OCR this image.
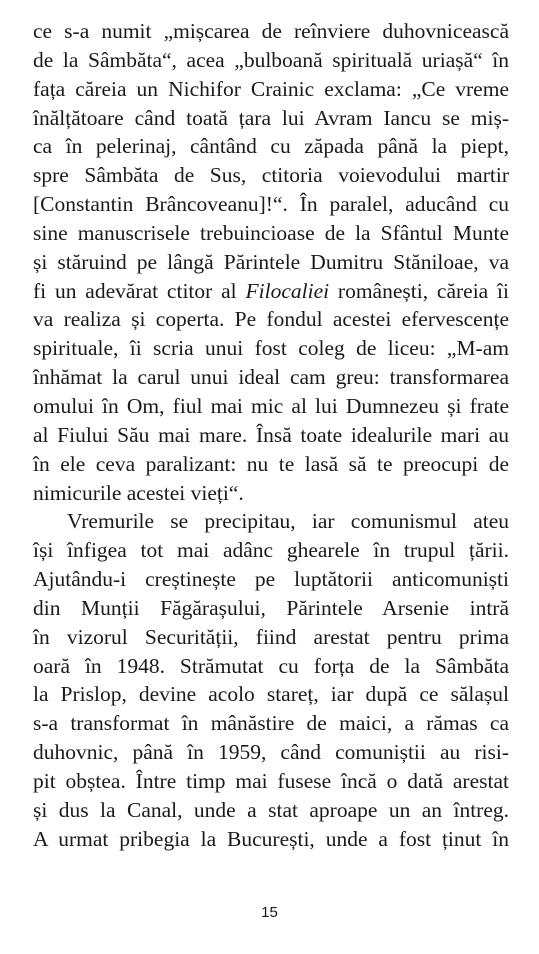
ce s-a numit „mișcarea de reînviere duhovnicească
de la Sâmbăta“, acea „bulboană spirituală uriașă“ în
fața căreia un Nichifor Crainic exclama: „Ce vreme
înălțătoare când toată țara lui Avram Iancu se miș-
ca în pelerinaj, cântând cu zăpada până la piept,
spre Sâmbăta de Sus, ctitoria voievodului martir
[Constantin Brâncoveanu]!“. În paralel, aducând cu
sine manuscrisele trebuincioase de la Sfântul Munte
și stăruind pe lângă Părintele Dumitru Stăniloae, va
fi un adevărat ctitor al Filocaliei românești, căreia îi
va realiza și coperta. Pe fondul acestei efervescențe
spirituale, îi scria unui fost coleg de liceu: „M-am
înhămat la carul unui ideal cam greu: transformarea
omului în Om, fiul mai mic al lui Dumnezeu și frate
al Fiului Său mai mare. Însă toate idealurile mari au
în ele ceva paralizant: nu te lasă să te preocupi de
nimicurile acestei vieți“.
Vremurile se precipitau, iar comunismul ateu
își înfigea tot mai adânc ghearele în trupul țării.
Ajutându-i creștinește pe luptătorii anticomuniști
din Munții Făgărașului, Părintele Arsenie intră
în vizorul Securității, fiind arestat pentru prima
oară în 1948. Strămutat cu forța de la Sâmbăta
la Prislop, devine acolo stareț, iar după ce sălașul
s-a transformat în mânăstire de maici, a rămas ca
duhovnic, până în 1959, când comuniștii au risi-
pit obștea. Între timp mai fusese încă o dată arestat
și dus la Canal, unde a stat aproape un an întreg.
A urmat pribegia la București, unde a fost ținut în
15
